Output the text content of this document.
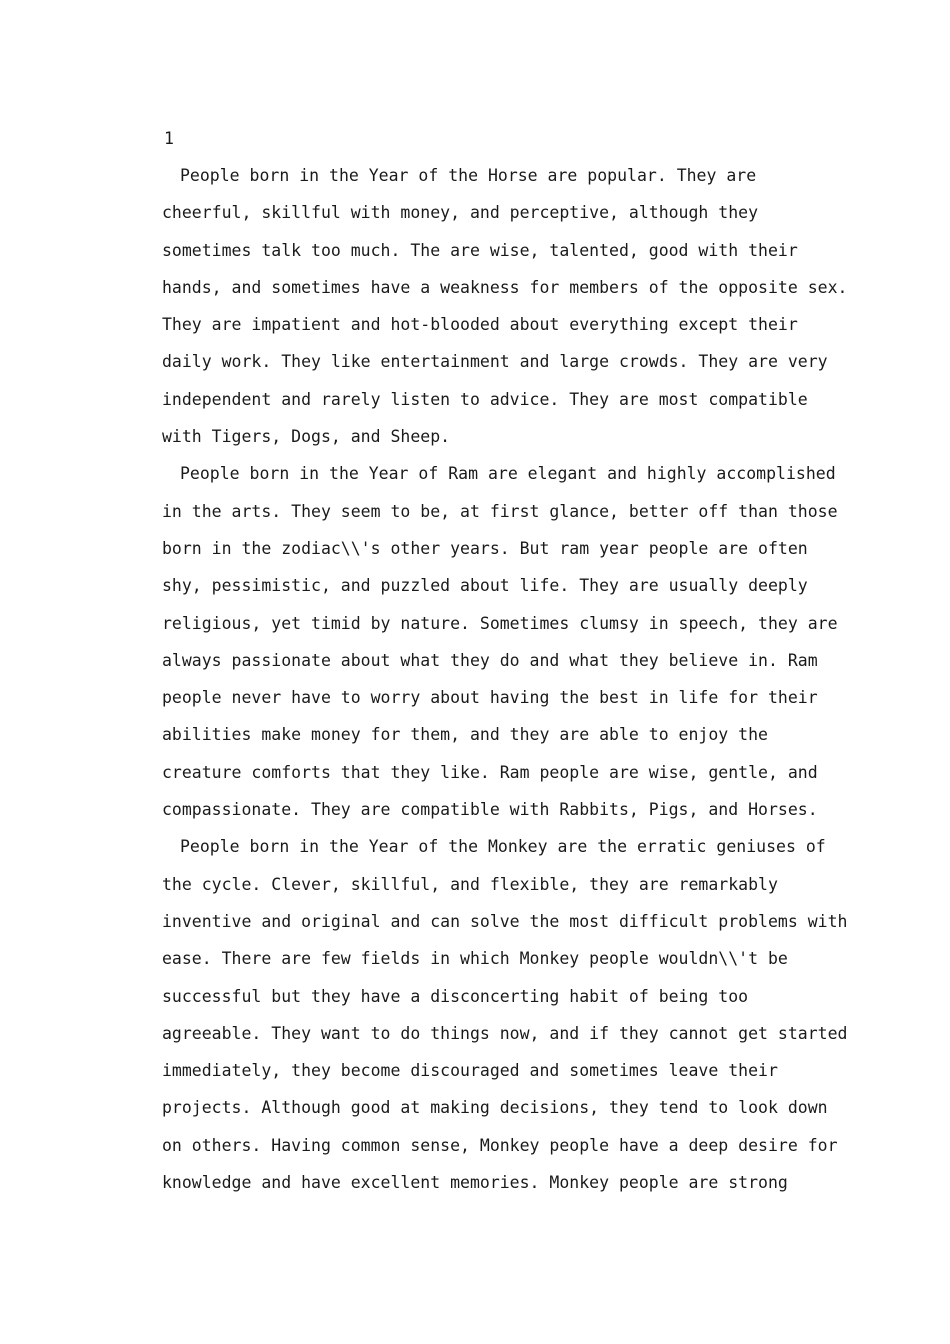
1
People born in the Year of the Horse are popular. They are
cheerful, skillful with money, and perceptive, although they
sometimes talk too much. The are wise, talented, good with their
hands, and sometimes have a weakness for members of the opposite sex.
They are impatient and hot-blooded about everything except their
daily work. They like entertainment and large crowds. They are very
independent and rarely listen to advice. They are most compatible
with Tigers, Dogs, and Sheep.
People born in the Year of Ram are elegant and highly accomplished
in the arts. They seem to be, at first glance, better off than those
born in the zodiac\\'s other years. But ram year people are often
shy, pessimistic, and puzzled about life. They are usually deeply
religious, yet timid by nature. Sometimes clumsy in speech, they are
always passionate about what they do and what they believe in. Ram
people never have to worry about having the best in life for their
abilities make money for them, and they are able to enjoy the
creature comforts that they like. Ram people are wise, gentle, and
compassionate. They are compatible with Rabbits, Pigs, and Horses.
People born in the Year of the Monkey are the erratic geniuses of
the cycle. Clever, skillful, and flexible, they are remarkably
inventive and original and can solve the most difficult problems with
ease. There are few fields in which Monkey people wouldn\\'t be
successful but they have a disconcerting habit of being too
agreeable. They want to do things now, and if they cannot get started
immediately, they become discouraged and sometimes leave their
projects. Although good at making decisions, they tend to look down
on others. Having common sense, Monkey people have a deep desire for
knowledge and have excellent memories. Monkey people are strong
